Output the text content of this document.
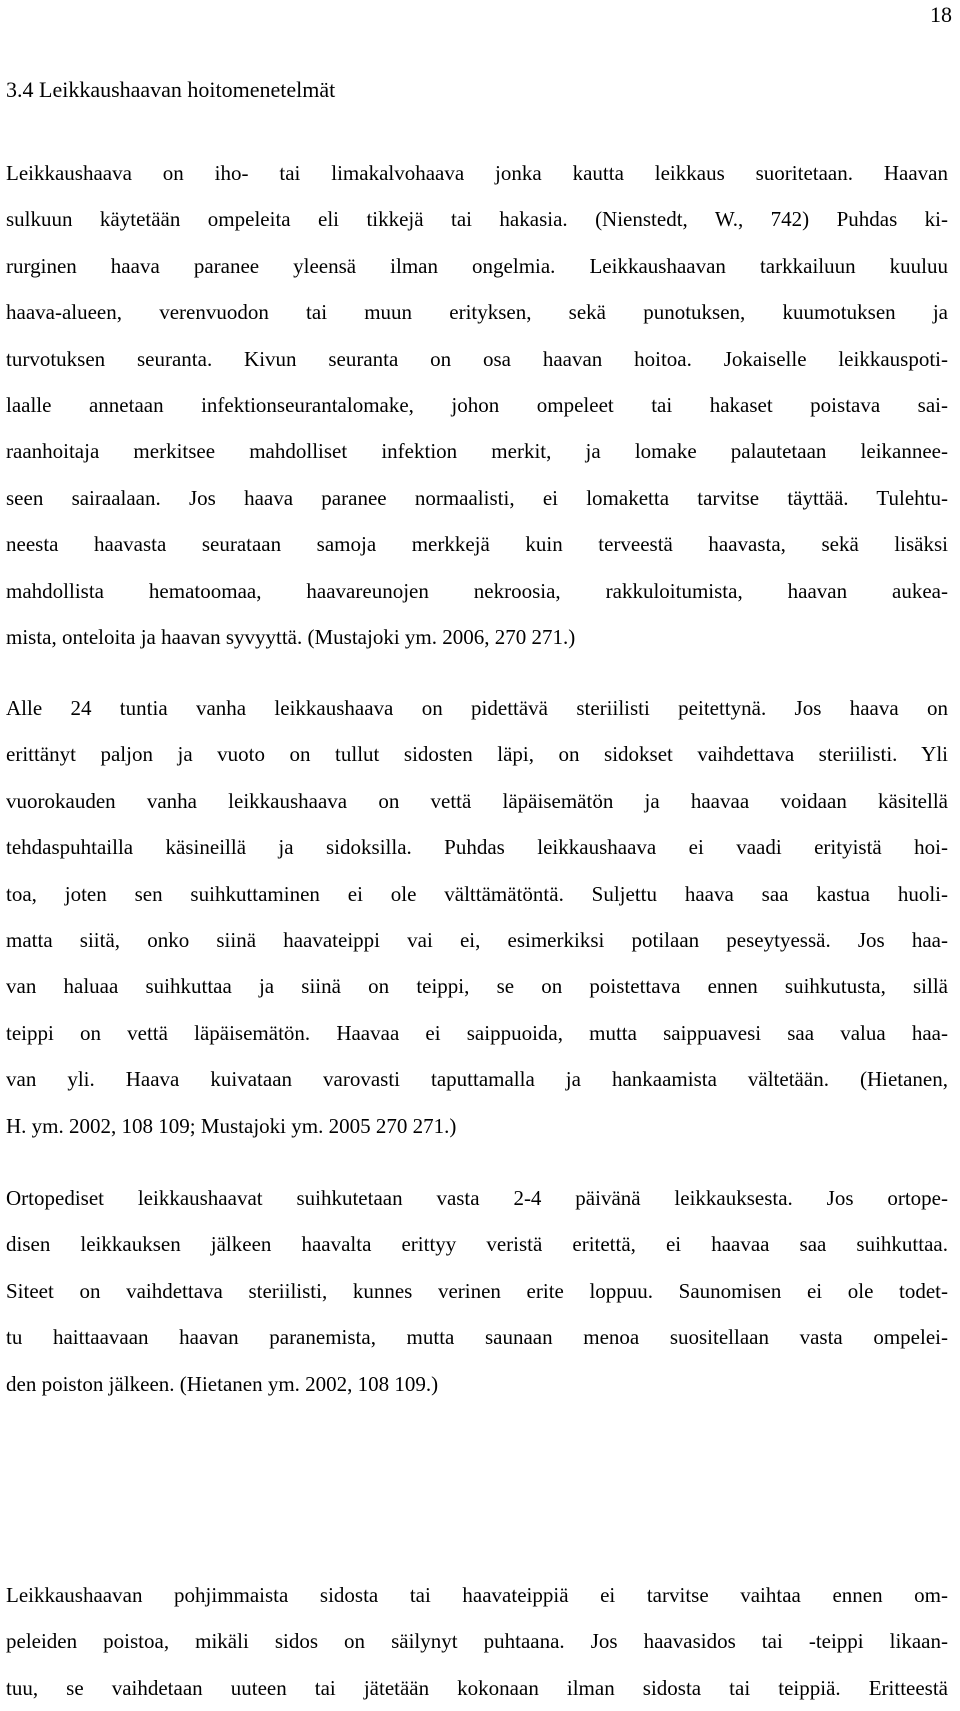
18
3.4 Leikkaushaavan hoitomenetelmät
Leikkaushaava on iho- tai limakalvohaava jonka kautta leikkaus suoritetaan. Haavan
sulkuun käytetään ompeleita eli tikkejä tai hakasia. (Nienstedt, W., 742) Puhdas ki-
rurginen haava paranee yleensä ilman ongelmia. Leikkaushaavan tarkkailuun kuuluu
haava-alueen, verenvuodon tai muun erityksen, sekä punotuksen, kuumotuksen ja
turvotuksen seuranta. Kivun seuranta on osa haavan hoitoa. Jokaiselle leikkauspoti-
laalle annetaan infektionseurantalomake, johon ompeleet tai hakaset poistava sai-
raanhoitaja merkitsee mahdolliset infektion merkit, ja lomake palautetaan leikannee-
seen sairaalaan. Jos haava paranee normaalisti, ei lomaketta tarvitse täyttää. Tulehtu-
neesta haavasta seurataan samoja merkkejä kuin terveestä haavasta, sekä lisäksi
mahdollista hematoomaa, haavareunojen nekroosia, rakkuloitumista, haavan aukea-
mista, onteloita ja haavan syvyyttä. (Mustajoki ym. 2006, 270 271.)
Alle 24 tuntia vanha leikkaushaava on pidettävä steriilisti peitettynä. Jos haava on
erittänyt paljon ja vuoto on tullut sidosten läpi, on sidokset vaihdettava steriilisti. Yli
vuorokauden vanha leikkaushaava on vettä läpäisemätön ja haavaa voidaan käsitellä
tehdaspuhtailla käsineillä ja sidoksilla. Puhdas leikkaushaava ei vaadi erityistä hoi-
toa, joten sen suihkuttaminen ei ole välttämätöntä. Suljettu haava saa kastua huoli-
matta siitä, onko siinä haavateippi vai ei, esimerkiksi potilaan peseytyessä. Jos haa-
van haluaa suihkuttaa ja siinä on teippi, se on poistettava ennen suihkutusta, sillä
teippi on vettä läpäisemätön. Haavaa ei saippuoida, mutta saippuavesi saa valua haa-
van yli. Haava kuivataan varovasti taputtamalla ja hankaamista vältetään. (Hietanen,
H. ym. 2002, 108 109; Mustajoki ym. 2005 270 271.)
Ortopediset leikkaushaavat suihkutetaan vasta 2-4 päivänä leikkauksesta. Jos ortope-
disen leikkauksen jälkeen haavalta erittyy veristä eritettä, ei haavaa saa suihkuttaa.
Siteet on vaihdettava steriilisti, kunnes verinen erite loppuu. Saunomisen ei ole todet-
tu haittaavaan haavan paranemista, mutta saunaan menoa suositellaan vasta ompelei-
den poiston jälkeen. (Hietanen ym. 2002, 108 109.)
Leikkaushaavan pohjimmaista sidosta tai haavateippiä ei tarvitse vaihtaa ennen om-
peleiden poistoa, mikäli sidos on säilynyt puhtaana. Jos haavasidos tai -teippi likaan-
tuu, se vaihdetaan uuteen tai jätetään kokonaan ilman sidosta tai teippiä. Eritteestä
